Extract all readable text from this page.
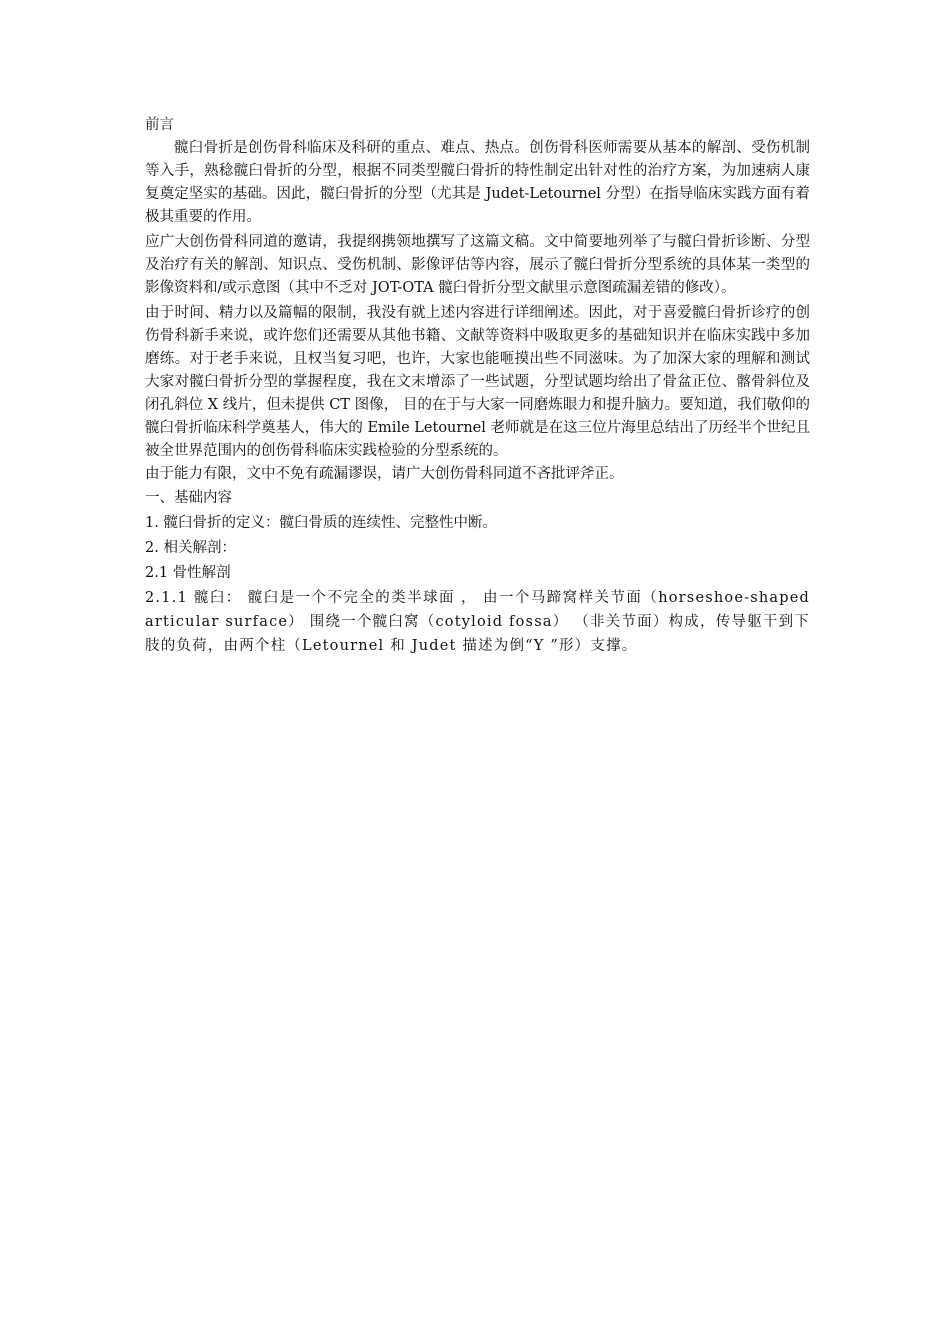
前言

髋臼骨折是创伤骨科临床及科研的重点、难点、热点。创伤骨科医师需要从基本的解剖、受伤机制等入手，熟稔髋臼骨折的分型，根据不同类型髋臼骨折的特性制定出针对性的治疗方案，为加速病人康复奠定坚实的基础。因此，髋臼骨折的分型（尤其是 Judet-Letournel 分型）在指导临床实践方面有着极其重要的作用。

应广大创伤骨科同道的邀请，我提纲携领地撰写了这篇文稿。文中简要地列举了与髋臼骨折诊断、分型及治疗有关的解剖、知识点、受伤机制、影像评估等内容，展示了髋臼骨折分型系统的具体某一类型的影像资料和/或示意图（其中不乏对 JOT-OTA 髋臼骨折分型文献里示意图疏漏差错的修改）。

由于时间、精力以及篇幅的限制，我没有就上述内容进行详细阐述。因此，对于喜爱髋臼骨折诊疗的创伤骨科新手来说，或许您们还需要从其他书籍、文献等资料中吸取更多的基础知识并在临床实践中多加磨练。对于老手来说，且权当复习吧，也许，大家也能咂摸出些不同滋味。为了加深大家的理解和测试大家对髋臼骨折分型的掌握程度，我在文末增添了一些试题，分型试题均给出了骨盆正位、髂骨斜位及闭孔斜位 X 线片，但未提供 CT 图像， 目的在于与大家一同磨炼眼力和提升脑力。要知道，我们敬仰的髋臼骨折临床科学奠基人，伟大的 Emile Letournel 老师就是在这三位片海里总结出了历经半个世纪且被全世界范围内的创伤骨科临床实践检验的分型系统的。

由于能力有限，文中不免有疏漏谬误，请广大创伤骨科同道不吝批评斧正。

一、基础内容

1. 髋臼骨折的定义：髋臼骨质的连续性、完整性中断。

2. 相关解剖：

2.1 骨性解剖

2.1.1 髋臼： 髋臼是一个不完全的类半球面 ， 由一个马蹄窝样关节面（horseshoe-shaped articular surface） 围绕一个髋臼窝（cotyloid fossa） （非关节面）构成，传导躯干到下肢的负荷，由两个柱（Letournel 和 Judet 描述为倒“Y ”形）支撑。
